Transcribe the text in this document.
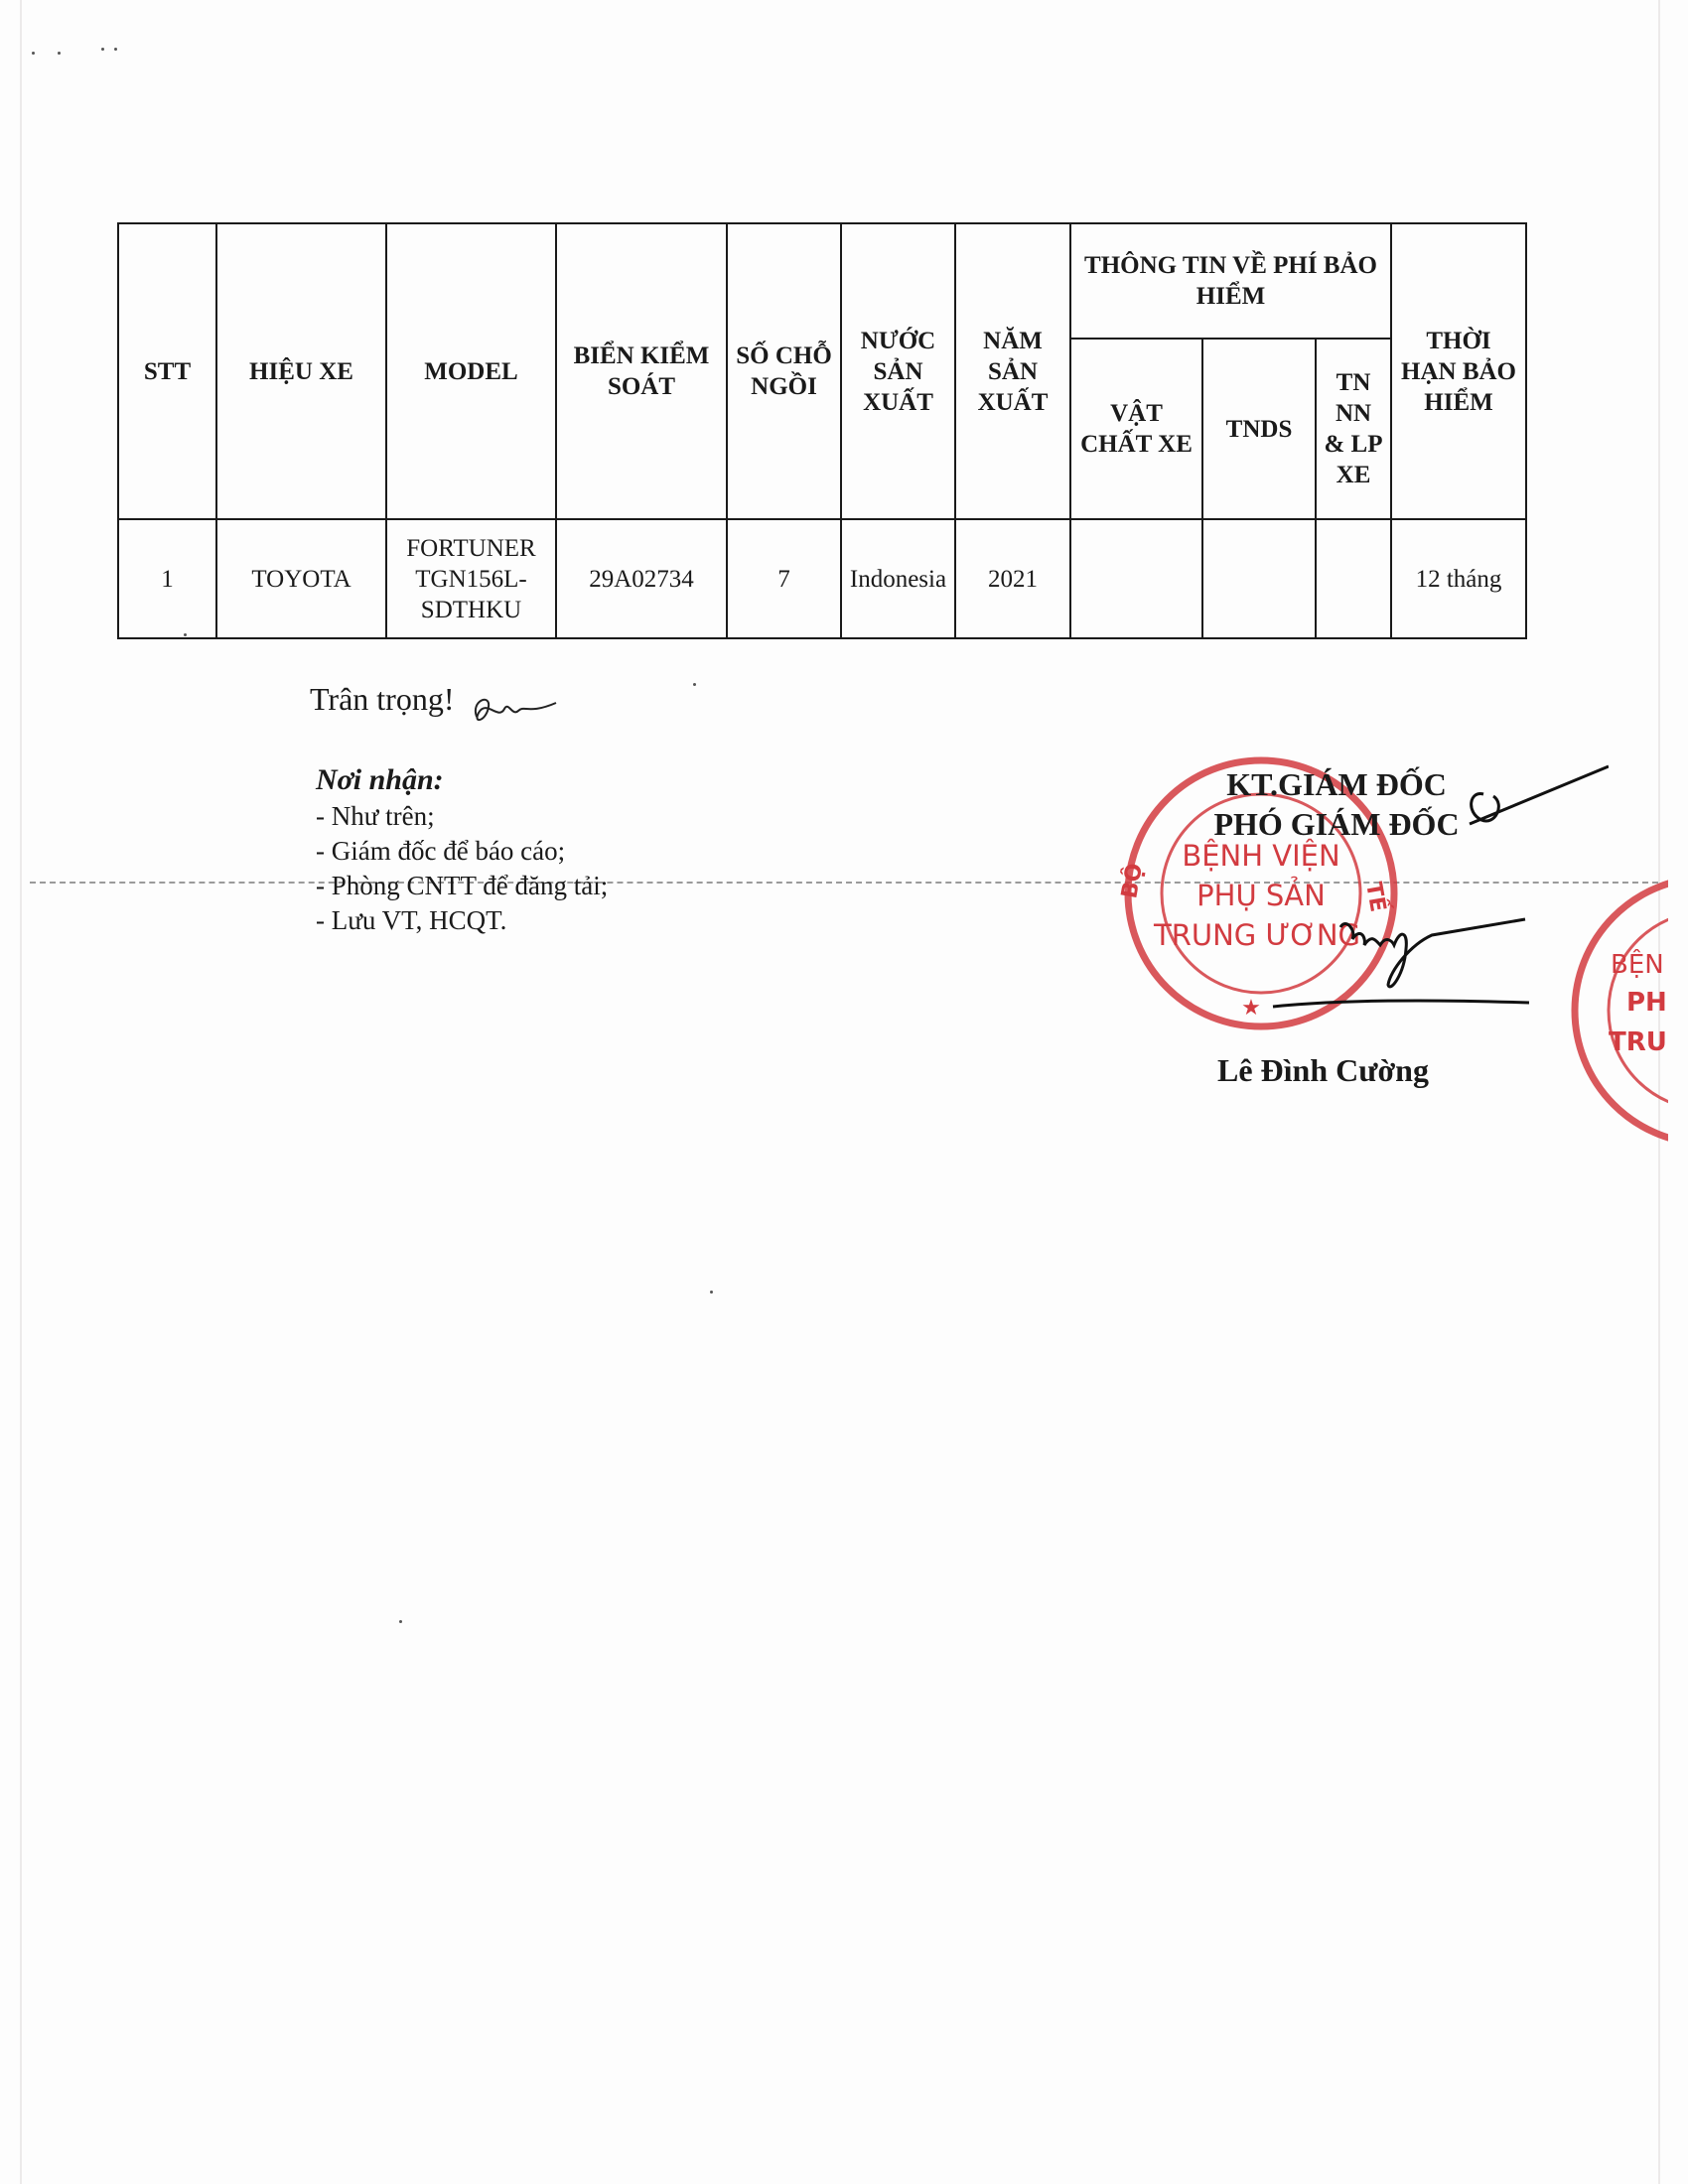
STT	HIỆU XE	MODEL	BIỂN KIỂM SOÁT	SỐ CHỖ NGỒI	NƯỚC SẢN XUẤT	NĂM SẢN XUẤT	THÔNG TIN VỀ PHÍ BẢO HIỂM			THỜI HẠN BẢO HIỂM
							VẬT CHẤT XE	TNDS	TN NN & LP XE	
1	TOYOTA	FORTUNER TGN156L-SDTHKU	29A02734	7	Indonesia	2021				12 tháng
Trân trọng!
Nơi nhận:
- Như trên;
- Giám đốc để báo cáo;
- Phòng CNTT để đăng tải;
- Lưu VT, HCQT.
BỘ	TẾ
BỆNH VIỆN
PHỤ SẢN
TRUNG ƯƠNG
★
BỆN
PH
TRU
KT.GIÁM ĐỐC
PHÓ GIÁM ĐỐC
Lê Đình Cường
